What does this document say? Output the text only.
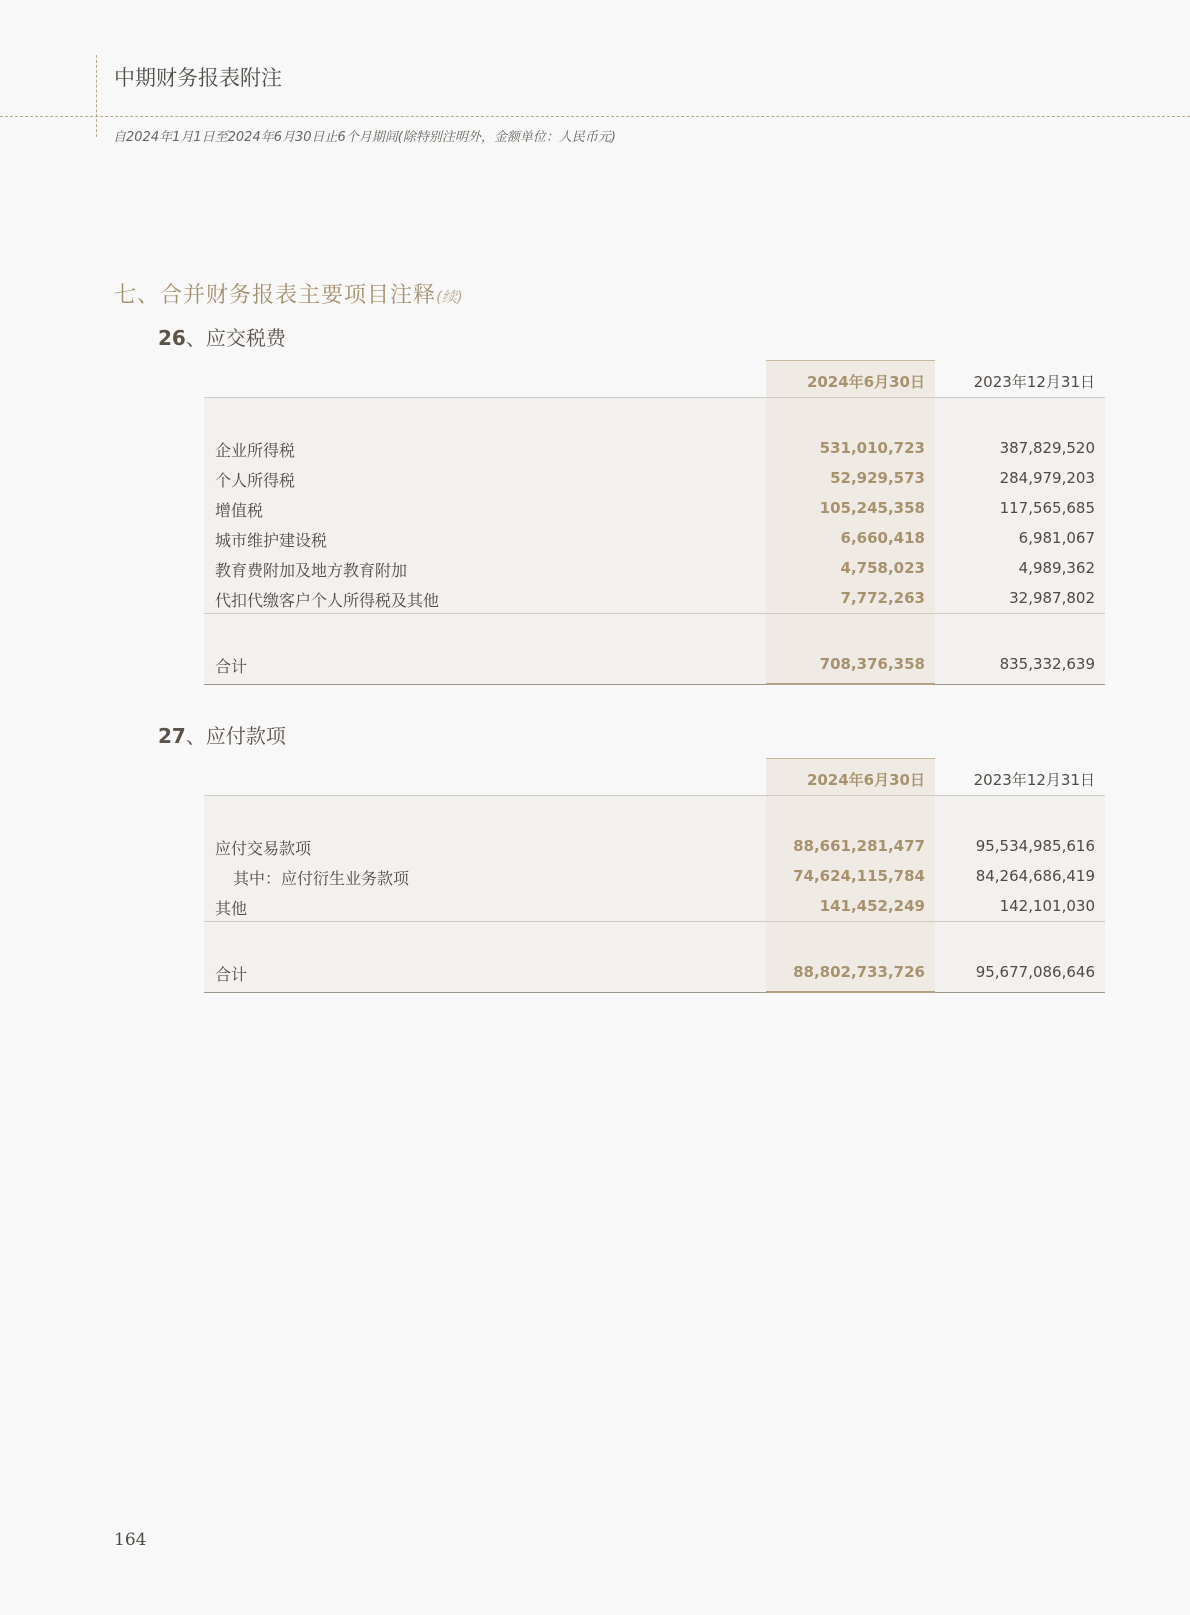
中期财务报表附注
自2024年1月1日至2024年6月30日止6个月期间(除特别注明外，金额单位：人民币元)
七、合并财务报表主要项目注释(续)
26、应交税费
2024年6月30日	2023年12月31日
企业所得税	531,010,723	387,829,520
个人所得税	52,929,573	284,979,203
增值税	105,245,358	117,565,685
城市维护建设税	6,660,418	6,981,067
教育费附加及地方教育附加	4,758,023	4,989,362
代扣代缴客户个人所得税及其他	7,772,263	32,987,802
合计	708,376,358	835,332,639
27、应付款项
2024年6月30日	2023年12月31日
应付交易款项	88,661,281,477	95,534,985,616
其中：应付衍生业务款项	74,624,115,784	84,264,686,419
其他	141,452,249	142,101,030
合计	88,802,733,726	95,677,086,646
164
